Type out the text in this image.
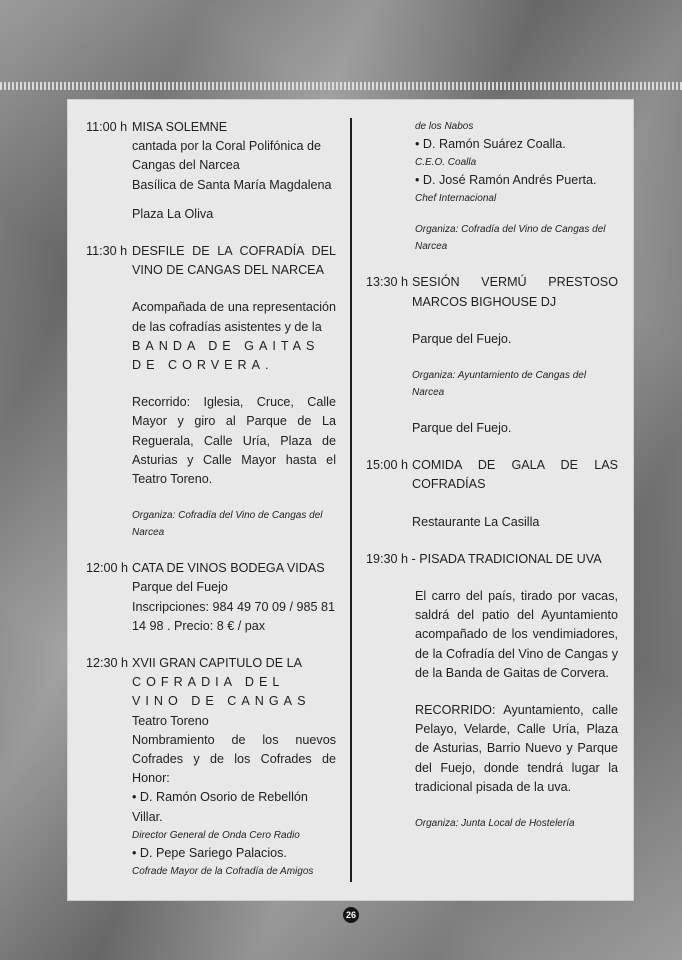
11:00 h MISA SOLEMNE

cantada por la Coral Polifónica de

Cangas del Narcea

Basílica de Santa María Magdalena

Plaza La Oliva

11:30 h DESFILE DE LA COFRADÍA DEL VINO DE CANGAS DEL NARCEA

Acompañada de una representación de las cofradías asistentes y de la

BANDA DE GAITAS DE CORVERA.

Recorrido: Iglesia, Cruce, Calle Mayor y giro al Parque de La Reguerala, Calle Uría, Plaza de Asturias y Calle Mayor hasta el Teatro Toreno.

Organiza: Cofradía del Vino de Cangas del Narcea

12:00 h CATA DE VINOS BODEGA VIDAS

Parque del Fuejo

Inscripciones: 984 49 70 09 / 985 81 14 98 . Precio: 8 € / pax

12:30 h XVII GRAN CAPITULO DE LA

COFRADIA DEL VINO DE CANGAS

Teatro Toreno

Nombramiento de los nuevos Cofrades y de los Cofrades de Honor:

• D. Ramón Osorio de Rebellón Villar.

Director General de Onda Cero Radio

• D. Pepe Sariego Palacios.

Cofrade Mayor de la Cofradía de Amigos

de los Nabos

• D. Ramón Suárez Coalla.

C.E.O. Coalla

• D. José Ramón Andrés Puerta.

Chef Internacional

Organiza: Cofradía del Vino de Cangas del Narcea

13:30 h SESIÓN VERMÚ PRESTOSO MARCOS BIGHOUSE DJ

Parque del Fuejo.

Organiza: Ayuntamiento de Cangas del Narcea

Parque del Fuejo.

15:00 h COMIDA DE GALA DE LAS COFRADÍAS

Restaurante La Casilla

19:30 h - PISADA TRADICIONAL DE UVA

El carro del país, tirado por vacas, saldrá del patio del Ayuntamiento acompañado de los vendimiadores, de la Cofradía del Vino de Cangas y de la Banda de Gaitas de Corvera.

RECORRIDO: Ayuntamiento, calle Pelayo, Velarde, Calle Uría, Plaza de Asturias, Barrio Nuevo y Parque del Fuejo, donde tendrá lugar la tradicional pisada de la uva.

Organiza: Junta Local de Hostelería

26
